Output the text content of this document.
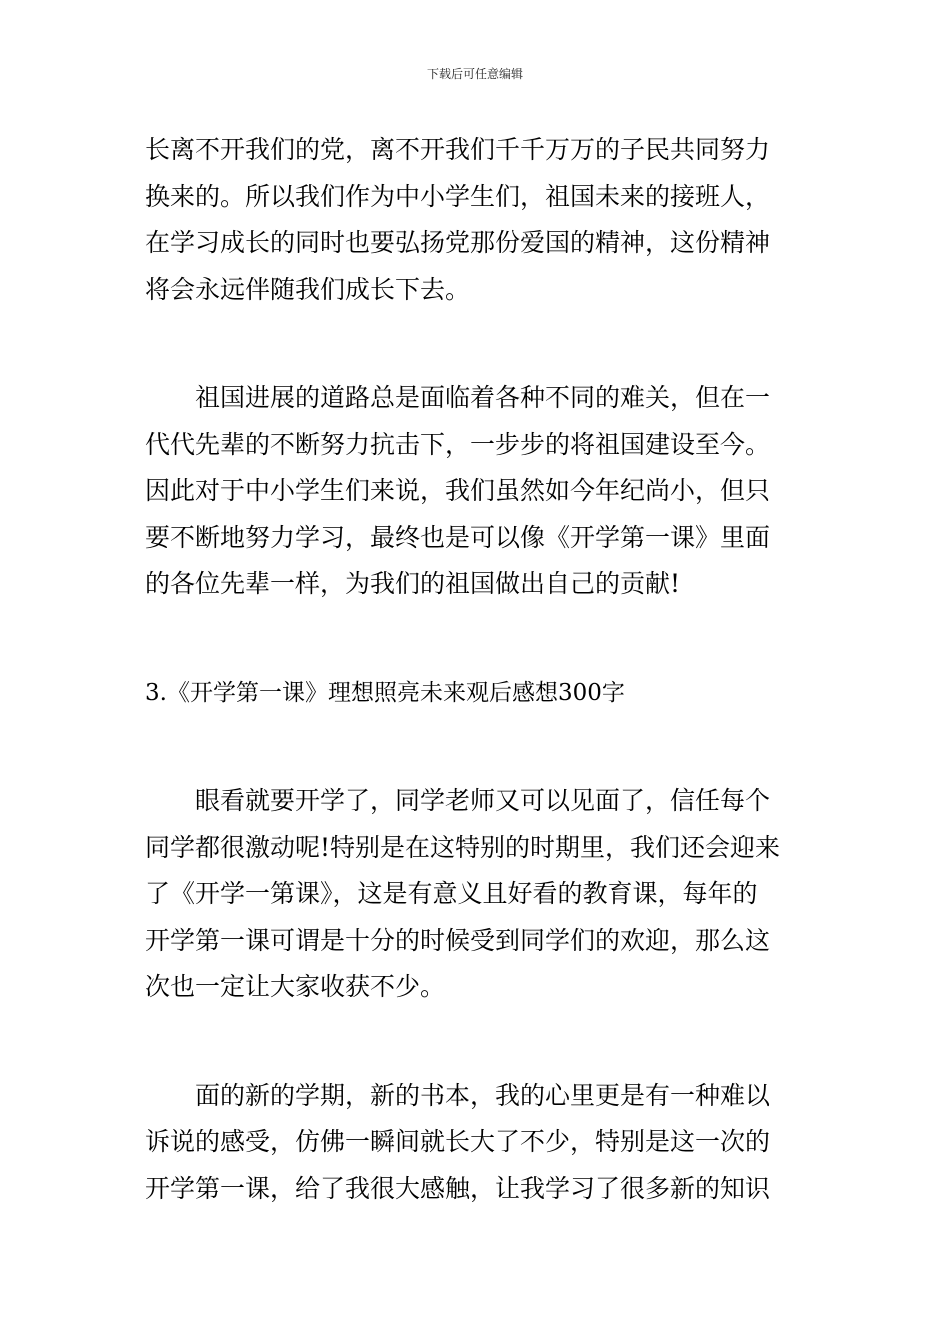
下载后可任意编辑

长离不开我们的党，离不开我们千千万万的子民共同努力
换来的。所以我们作为中小学生们，祖国未来的接班人，
在学习成长的同时也要弘扬党那份爱国的精神，这份精神
将会永远伴随我们成长下去。

祖国进展的道路总是面临着各种不同的难关，但在一
代代先辈的不断努力抗击下，一步步的将祖国建设至今。
因此对于中小学生们来说，我们虽然如今年纪尚小，但只
要不断地努力学习，最终也是可以像《开学第一课》里面
的各位先辈一样，为我们的祖国做出自己的贡献!

3.《开学第一课》理想照亮未来观后感想300字

眼看就要开学了，同学老师又可以见面了，信任每个
同学都很激动呢!特别是在这特别的时期里，我们还会迎来
了《开学一第课》，这是有意义且好看的教育课，每年的
开学第一课可谓是十分的时候受到同学们的欢迎，那么这
次也一定让大家收获不少。

面的新的学期，新的书本，我的心里更是有一种难以
诉说的感受，仿佛一瞬间就长大了不少，特别是这一次的
开学第一课，给了我很大感触，让我学习了很多新的知识
